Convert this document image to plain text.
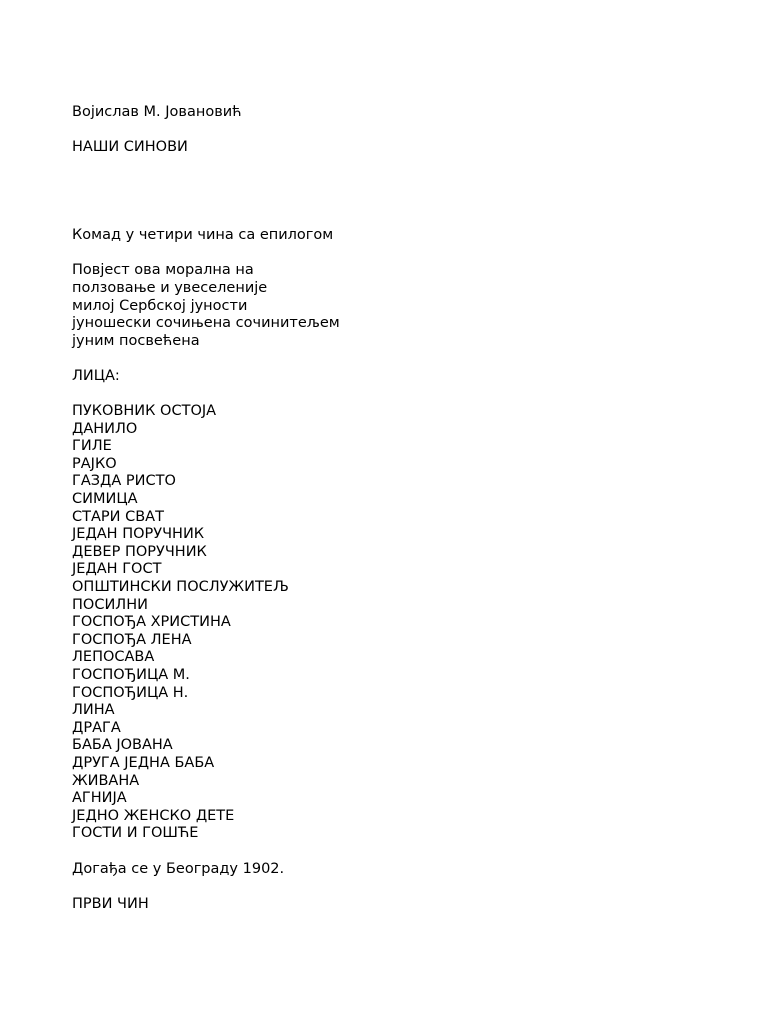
Војислав М. Јовановић
НАШИ СИНОВИ
Комад у четири чина са епилогом
Повјест ова морална на
ползовање и увеселеније
милој Сербској јуности
јуношески сочињена сочинитељем
јуним посвећена
ЛИЦА:
ПУКОВНИК ОСТОЈА
ДАНИЛО
ГИЛЕ
РАЈКО
ГАЗДА РИСТО
СИМИЦА
СТАРИ СВАТ
ЈЕДАН ПОРУЧНИК
ДЕВЕР ПОРУЧНИК
ЈЕДАН ГОСТ
ОПШТИНСКИ ПОСЛУЖИТЕЉ
ПОСИЛНИ
ГОСПОЂА ХРИСТИНА
ГОСПОЂА ЛЕНА
ЛЕПОСАВА
ГОСПОЂИЦА М.
ГОСПОЂИЦА Н.
ЛИНА
ДРАГА
БАБА ЈОВАНА
ДРУГА ЈЕДНА БАБА
ЖИВАНА
АГНИЈА
ЈЕДНО ЖЕНСКО ДЕТЕ
ГОСТИ И ГОШЋЕ
Догађа се у Београду 1902.
ПРВИ ЧИН
